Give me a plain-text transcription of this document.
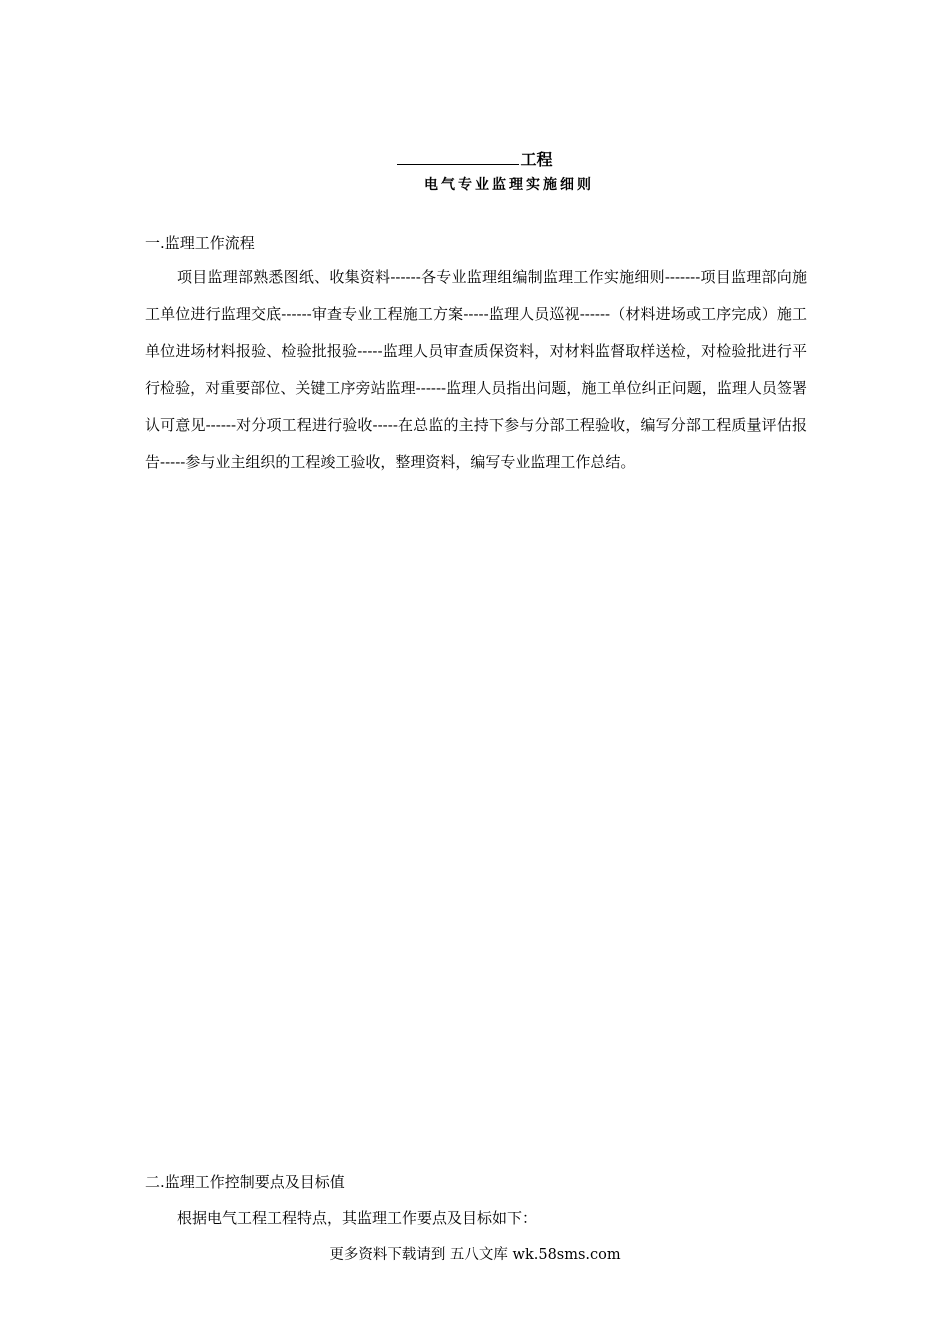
工程
电气专业监理实施细则
一.监理工作流程
项目监理部熟悉图纸、收集资料------各专业监理组编制监理工作实施细则-------项目监理部向施工单位进行监理交底------审查专业工程施工方案-----监理人员巡视------（材料进场或工序完成）施工单位进场材料报验、检验批报验-----监理人员审查质保资料，对材料监督取样送检，对检验批进行平行检验，对重要部位、关键工序旁站监理------监理人员指出问题，施工单位纠正问题，监理人员签署认可意见------对分项工程进行验收-----在总监的主持下参与分部工程验收，编写分部工程质量评估报告-----参与业主组织的工程竣工验收，整理资料，编写专业监理工作总结。
二.监理工作控制要点及目标值
根据电气工程工程特点，其监理工作要点及目标如下：
更多资料下载请到 五八文库 wk.58sms.com
